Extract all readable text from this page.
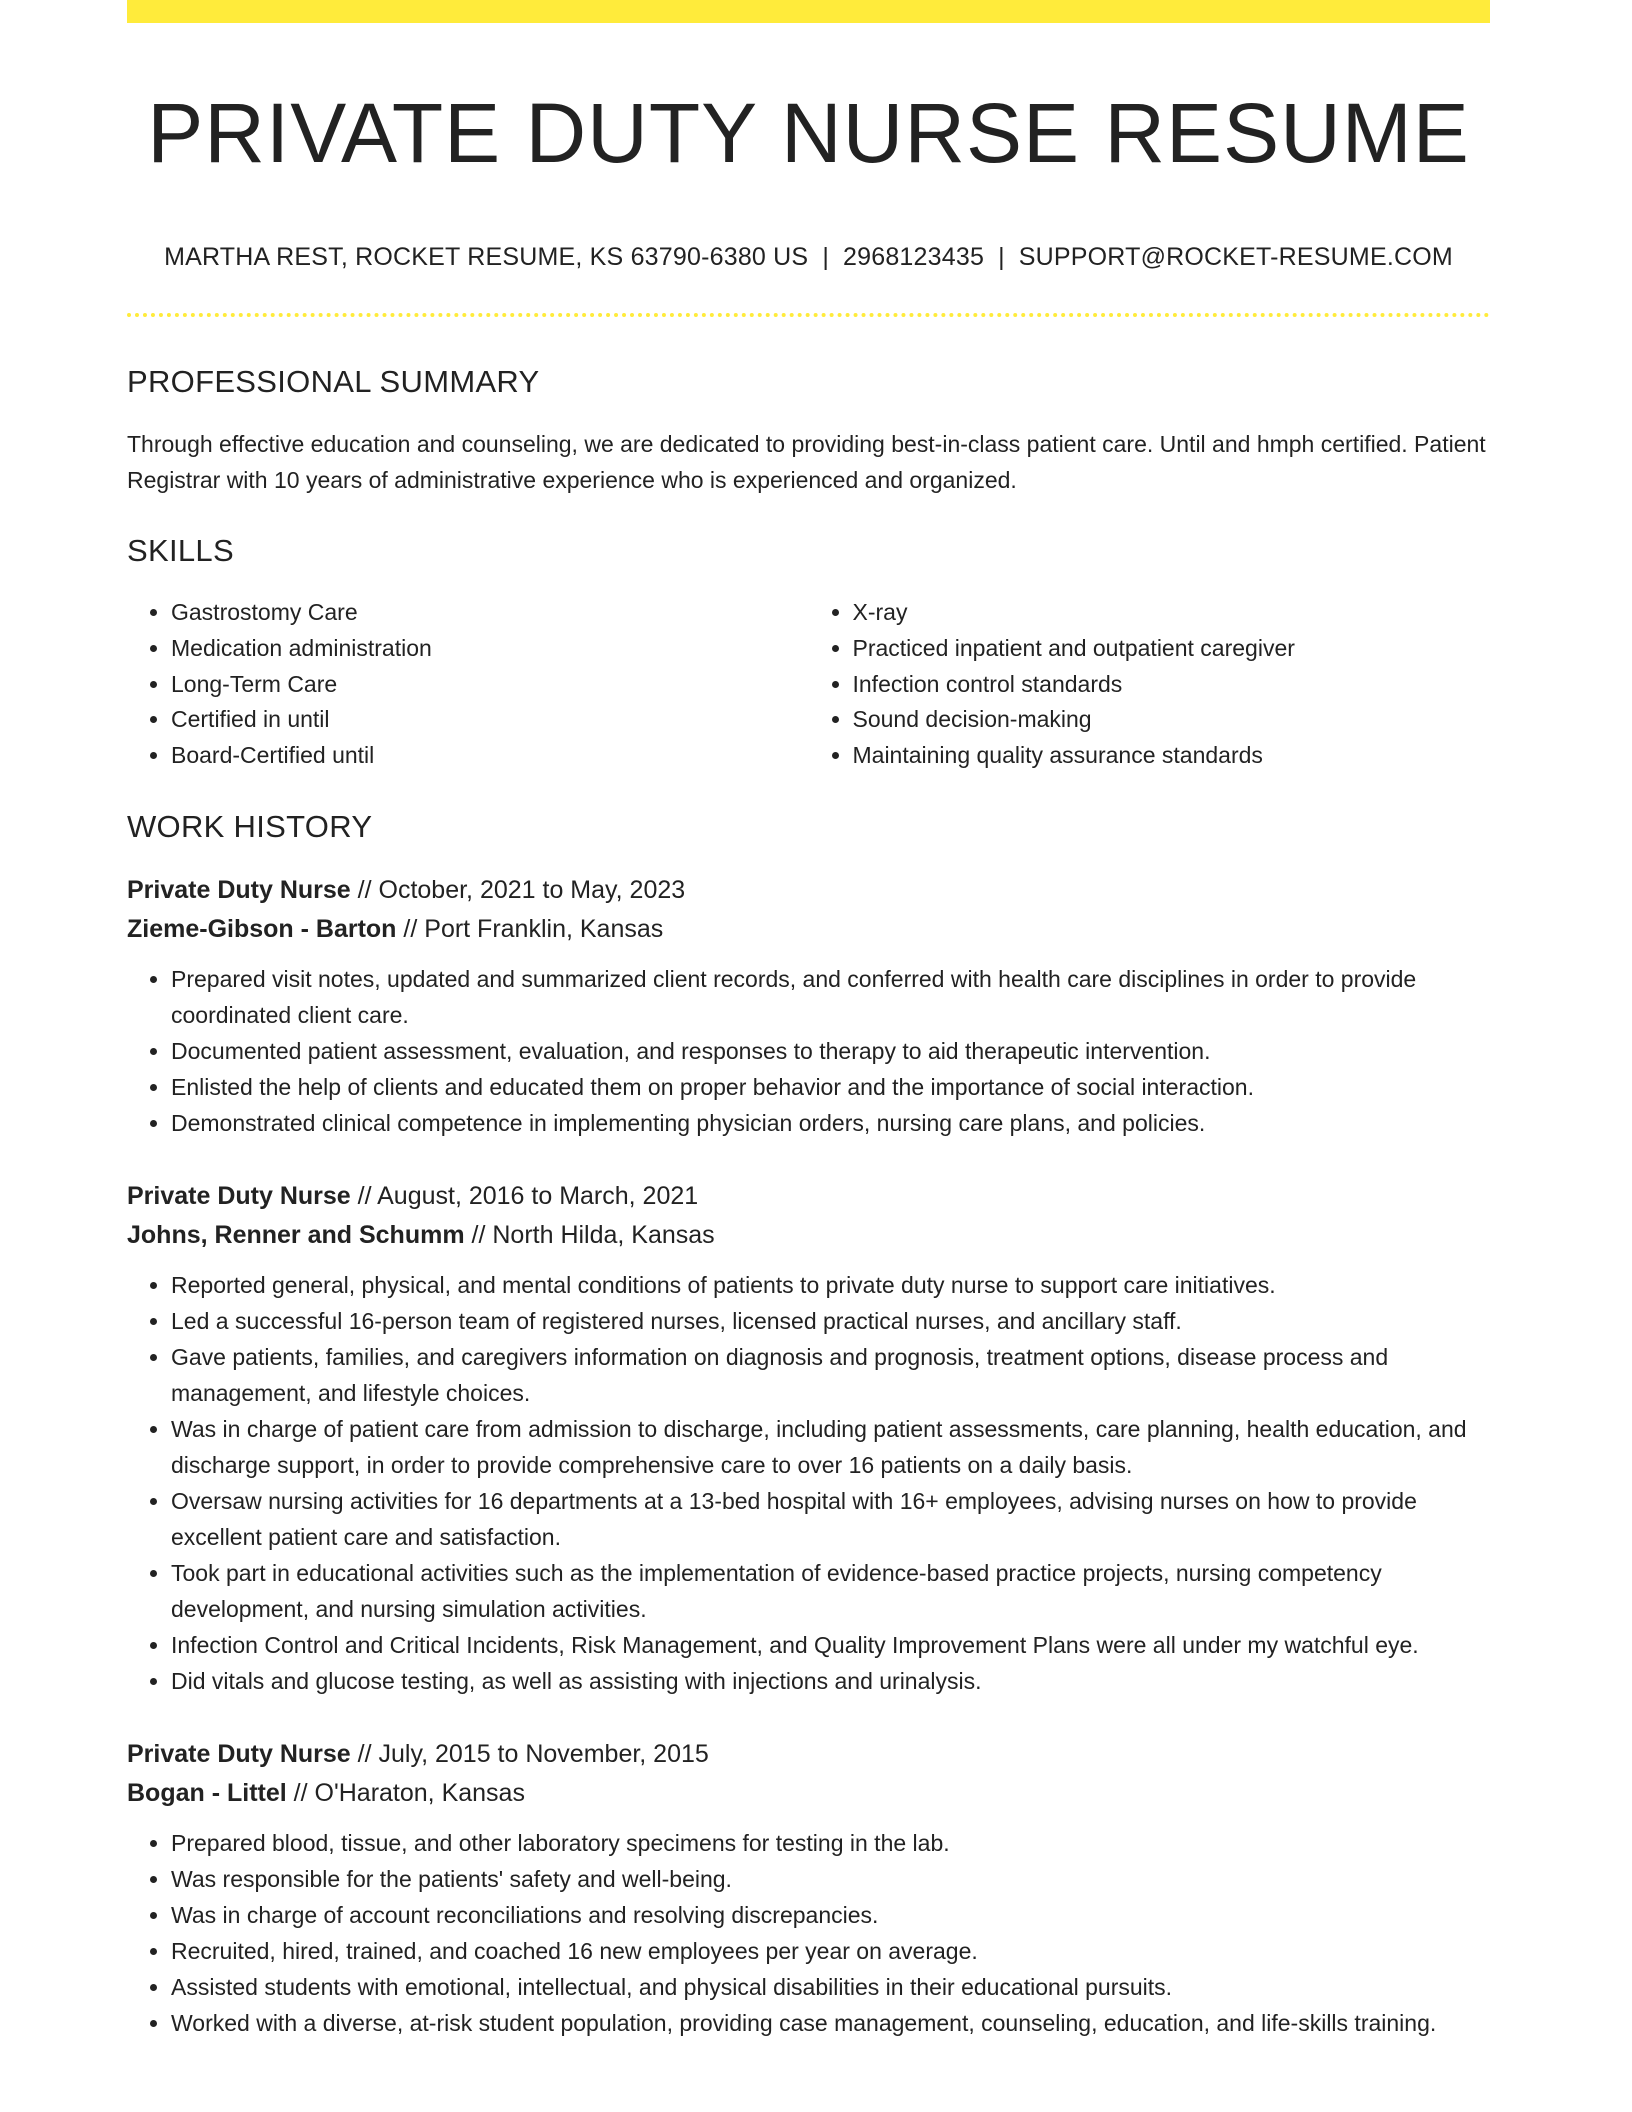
PRIVATE DUTY NURSE RESUME
MARTHA REST, ROCKET RESUME, KS 63790-6380 US | 2968123435 | SUPPORT@ROCKET-RESUME.COM
PROFESSIONAL SUMMARY

Through effective education and counseling, we are dedicated to providing best-in-class patient care. Until and hmph certified. Patient Registrar with 10 years of administrative experience who is experienced and organized.

SKILLS
• Gastrostomy Care
• Medication administration
• Long-Term Care
• Certified in until
• Board-Certified until
• X-ray
• Practiced inpatient and outpatient caregiver
• Infection control standards
• Sound decision-making
• Maintaining quality assurance standards
WORK HISTORY
Private Duty Nurse // October, 2021 to May, 2023
Zieme-Gibson - Barton // Port Franklin, Kansas
• Prepared visit notes, updated and summarized client records, and conferred with health care disciplines in order to provide coordinated client care.
• Documented patient assessment, evaluation, and responses to therapy to aid therapeutic intervention.
• Enlisted the help of clients and educated them on proper behavior and the importance of social interaction.
• Demonstrated clinical competence in implementing physician orders, nursing care plans, and policies.
Private Duty Nurse // August, 2016 to March, 2021
Johns, Renner and Schumm // North Hilda, Kansas
• Reported general, physical, and mental conditions of patients to private duty nurse to support care initiatives.
• Led a successful 16-person team of registered nurses, licensed practical nurses, and ancillary staff.
• Gave patients, families, and caregivers information on diagnosis and prognosis, treatment options, disease process and management, and lifestyle choices.
• Was in charge of patient care from admission to discharge, including patient assessments, care planning, health education, and discharge support, in order to provide comprehensive care to over 16 patients on a daily basis.
• Oversaw nursing activities for 16 departments at a 13-bed hospital with 16+ employees, advising nurses on how to provide excellent patient care and satisfaction.
• Took part in educational activities such as the implementation of evidence-based practice projects, nursing competency development, and nursing simulation activities.
• Infection Control and Critical Incidents, Risk Management, and Quality Improvement Plans were all under my watchful eye.
• Did vitals and glucose testing, as well as assisting with injections and urinalysis.
Private Duty Nurse // July, 2015 to November, 2015
Bogan - Littel // O'Haraton, Kansas
• Prepared blood, tissue, and other laboratory specimens for testing in the lab.
• Was responsible for the patients' safety and well-being.
• Was in charge of account reconciliations and resolving discrepancies.
• Recruited, hired, trained, and coached 16 new employees per year on average.
• Assisted students with emotional, intellectual, and physical disabilities in their educational pursuits.
• Worked with a diverse, at-risk student population, providing case management, counseling, education, and life-skills training.
